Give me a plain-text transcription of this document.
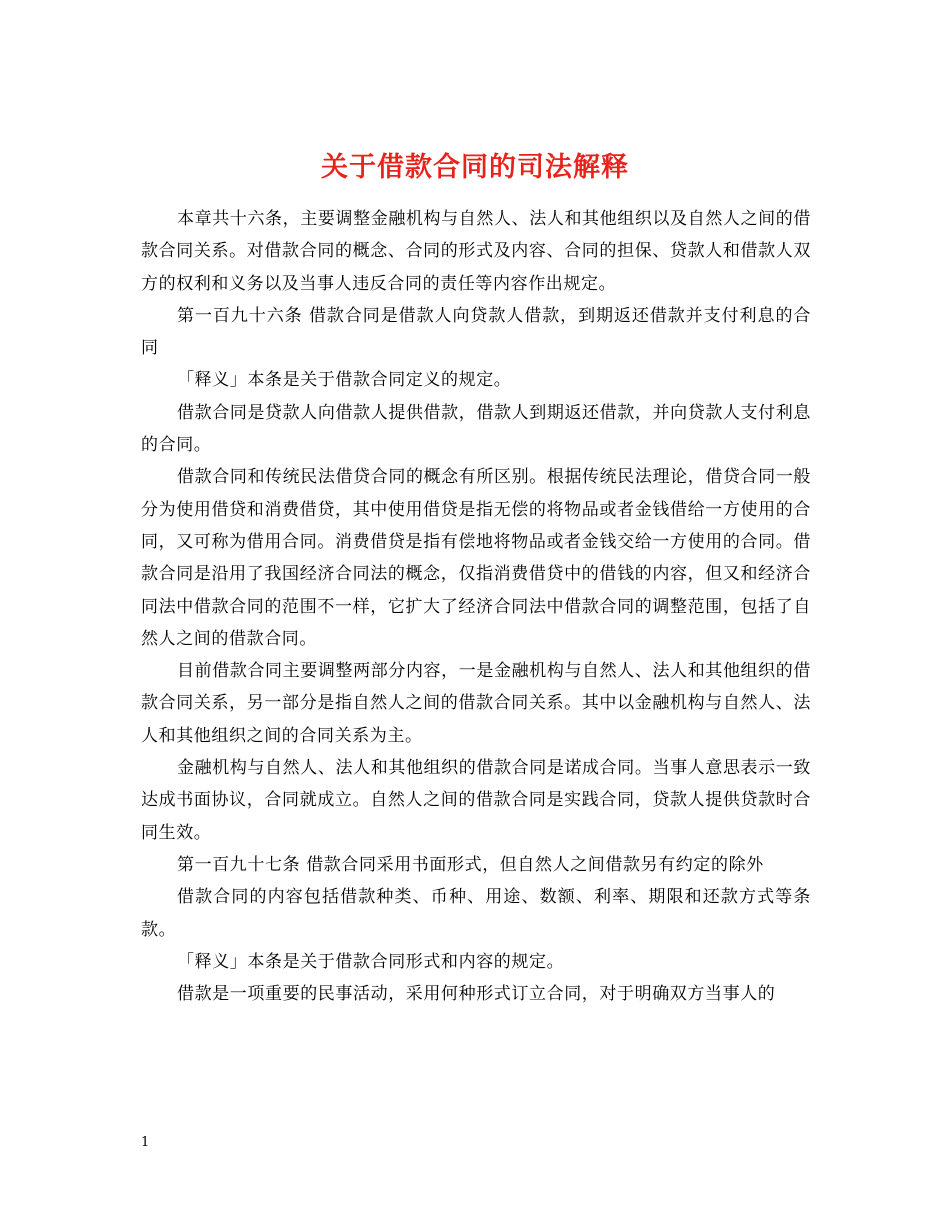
关于借款合同的司法解释

本章共十六条，主要调整金融机构与自然人、法人和其他组织以及自然人之间的借款合同关系。对借款合同的概念、合同的形式及内容、合同的担保、贷款人和借款人双方的权利和义务以及当事人违反合同的责任等内容作出规定。

第一百九十六条 借款合同是借款人向贷款人借款，到期返还借款并支付利息的合同

「释义」本条是关于借款合同定义的规定。

借款合同是贷款人向借款人提供借款，借款人到期返还借款，并向贷款人支付利息的合同。

借款合同和传统民法借贷合同的概念有所区别。根据传统民法理论，借贷合同一般分为使用借贷和消费借贷，其中使用借贷是指无偿的将物品或者金钱借给一方使用的合同，又可称为借用合同。消费借贷是指有偿地将物品或者金钱交给一方使用的合同。借款合同是沿用了我国经济合同法的概念，仅指消费借贷中的借钱的内容，但又和经济合同法中借款合同的范围不一样，它扩大了经济合同法中借款合同的调整范围，包括了自然人之间的借款合同。

目前借款合同主要调整两部分内容，一是金融机构与自然人、法人和其他组织的借款合同关系，另一部分是指自然人之间的借款合同关系。其中以金融机构与自然人、法人和其他组织之间的合同关系为主。

金融机构与自然人、法人和其他组织的借款合同是诺成合同。当事人意思表示一致达成书面协议，合同就成立。自然人之间的借款合同是实践合同，贷款人提供贷款时合同生效。

第一百九十七条 借款合同采用书面形式，但自然人之间借款另有约定的除外

借款合同的内容包括借款种类、币种、用途、数额、利率、期限和还款方式等条款。

「释义」本条是关于借款合同形式和内容的规定。

借款是一项重要的民事活动，采用何种形式订立合同，对于明确双方当事人的

1
